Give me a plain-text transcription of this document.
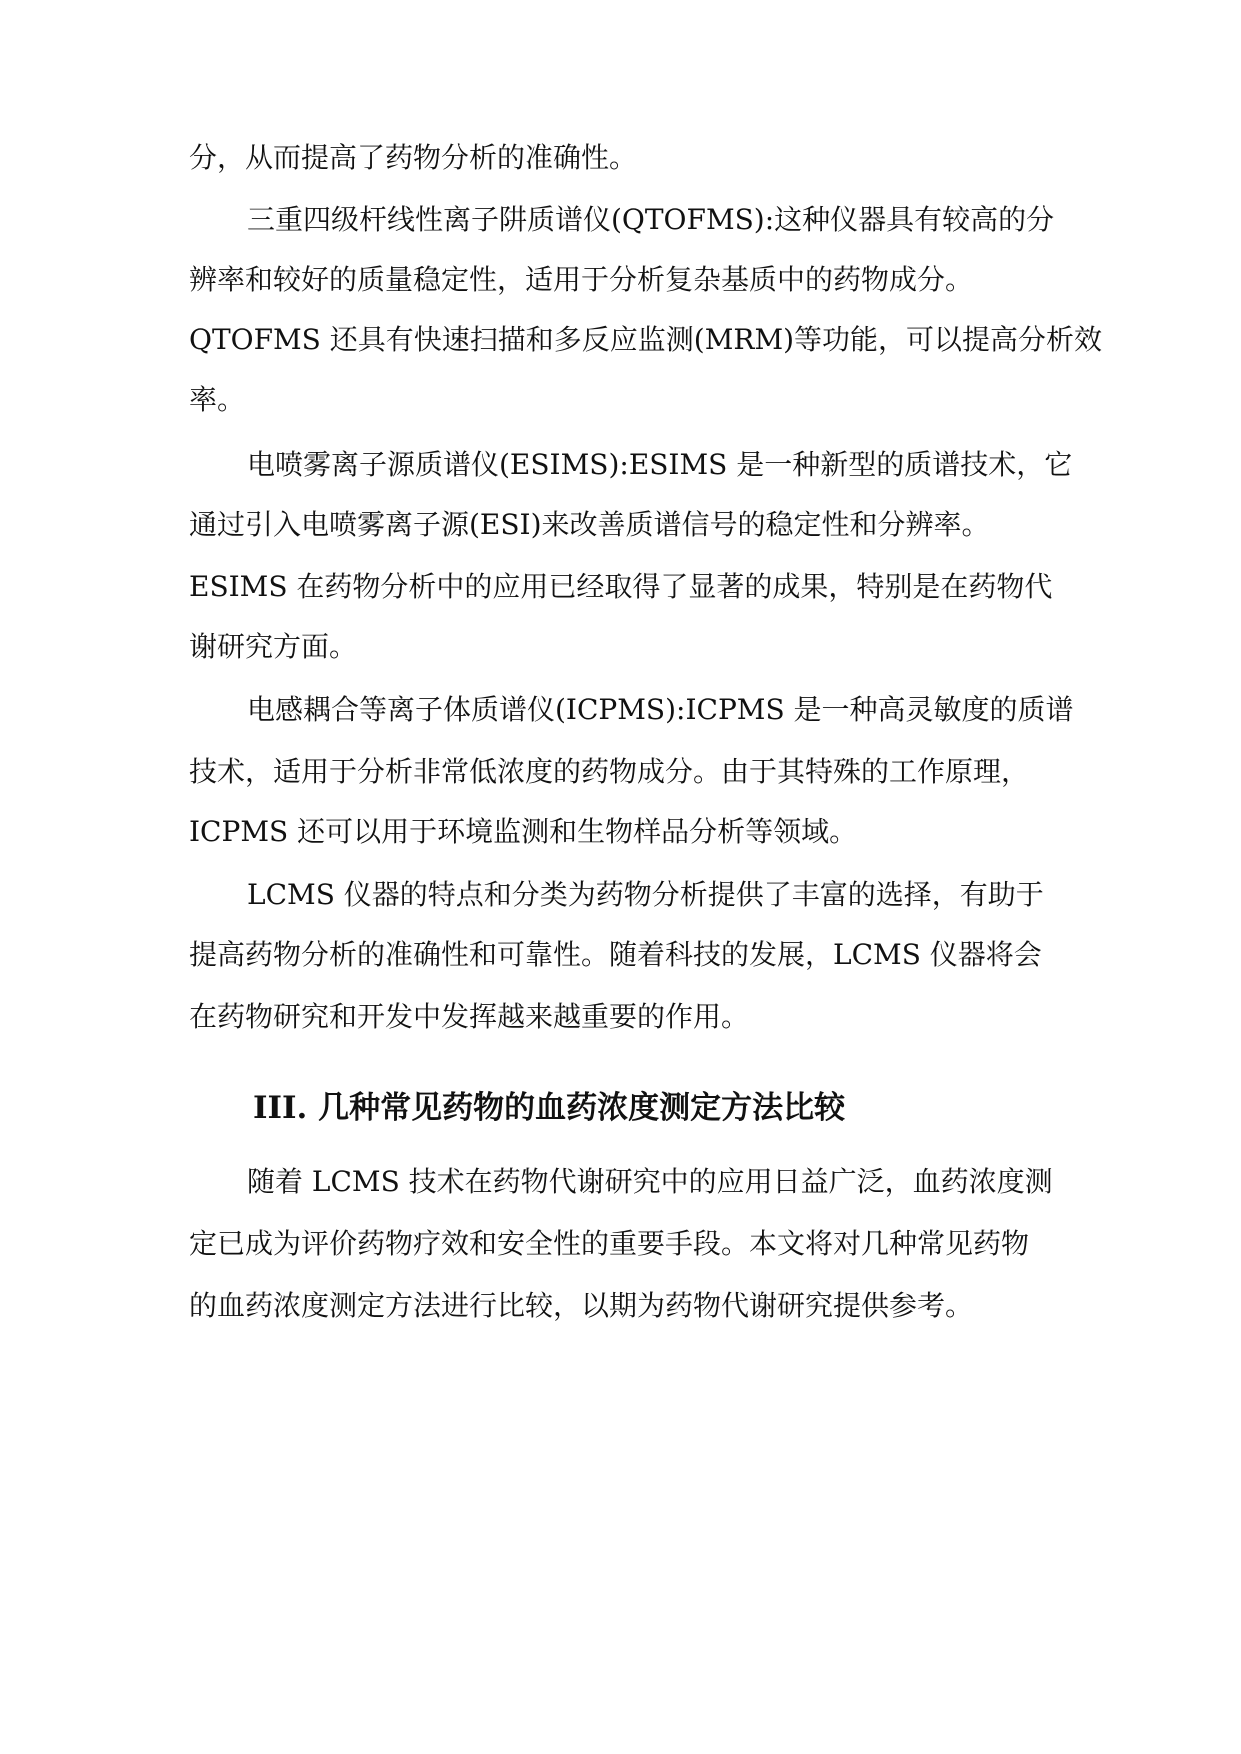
分，从而提高了药物分析的准确性。
三重四级杆线性离子阱质谱仪(QTOFMS):这种仪器具有较高的分
辨率和较好的质量稳定性，适用于分析复杂基质中的药物成分。
QTOFMS 还具有快速扫描和多反应监测(MRM)等功能，可以提高分析效
率。
电喷雾离子源质谱仪(ESIMS):ESIMS 是一种新型的质谱技术，它
通过引入电喷雾离子源(ESI)来改善质谱信号的稳定性和分辨率。
ESIMS 在药物分析中的应用已经取得了显著的成果，特别是在药物代
谢研究方面。
电感耦合等离子体质谱仪(ICPMS):ICPMS 是一种高灵敏度的质谱
技术，适用于分析非常低浓度的药物成分。由于其特殊的工作原理，
ICPMS 还可以用于环境监测和生物样品分析等领域。
LCMS 仪器的特点和分类为药物分析提供了丰富的选择，有助于
提高药物分析的准确性和可靠性。随着科技的发展，LCMS 仪器将会
在药物研究和开发中发挥越来越重要的作用。
III. 几种常见药物的血药浓度测定方法比较
随着 LCMS 技术在药物代谢研究中的应用日益广泛，血药浓度测
定已成为评价药物疗效和安全性的重要手段。本文将对几种常见药物
的血药浓度测定方法进行比较，以期为药物代谢研究提供参考。
